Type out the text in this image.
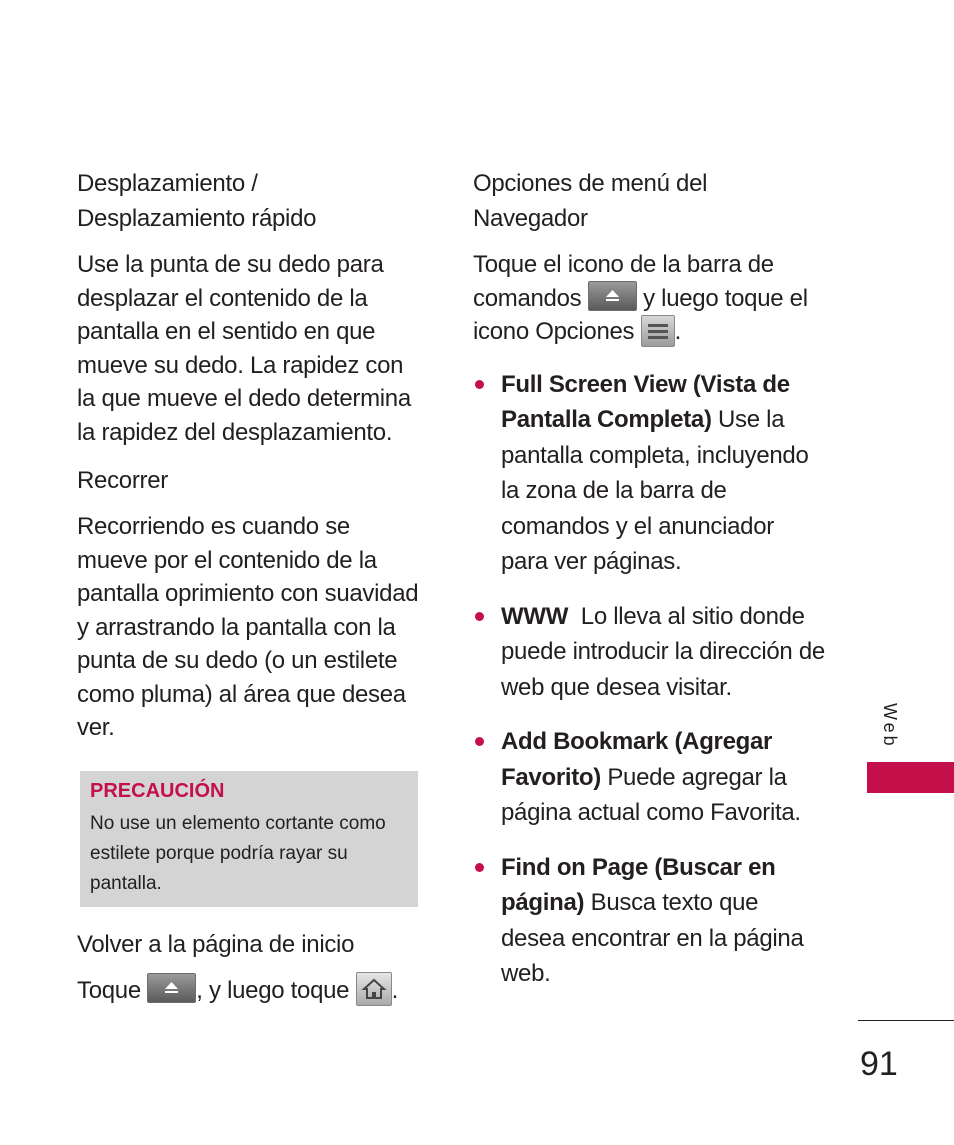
Desplazamiento / Desplazamiento rápido

Use la punta de su dedo para desplazar el contenido de la pantalla en el sentido en que mueve su dedo. La rapidez con la que mueve el dedo determina la rapidez del desplazamiento.

Recorrer

Recorriendo es cuando se mueve por el contenido de la pantalla oprimiento con suavidad y arrastrando la pantalla con la punta de su dedo (o un estilete como pluma) al área que desea ver.

PRECAUCIÓN

No use un elemento cortante como estilete porque podría rayar su pantalla.

Volver a la página de inicio

Toque , y luego toque .

Opciones de menú del Navegador

Toque el icono de la barra de comandos	y luego toque el icono Opciones .

Full Screen View (Vista de Pantalla Completa) Use la pantalla completa, incluyendo la zona de la barra de comandos y el anunciador para ver páginas.
WWW  Lo lleva al sitio donde puede introducir la dirección de web que desea visitar.
Add Bookmark (Agregar Favorito) Puede agregar la página actual como Favorita.
Find on Page (Buscar en página) Busca texto que desea encontrar en la página web.
Web
91
